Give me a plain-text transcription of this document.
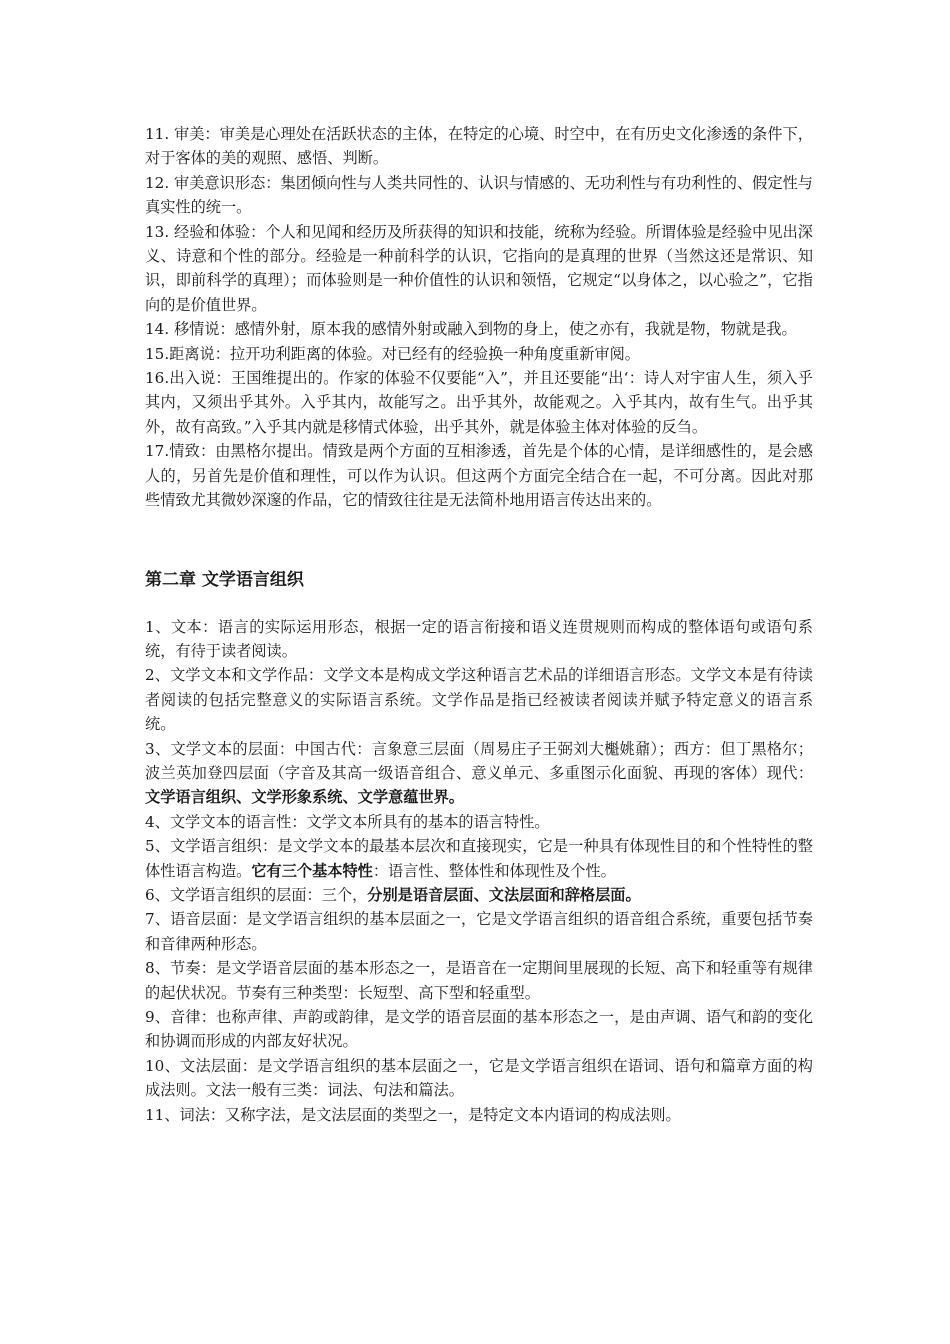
11. 审美：审美是心理处在活跃状态的主体，在特定的心境、时空中，在有历史文化渗透的条件下，对于客体的美的观照、感悟、判断。

12. 审美意识形态：集团倾向性与人类共同性的、认识与情感的、无功利性与有功利性的、假定性与真实性的统一。

13. 经验和体验：个人和见闻和经历及所获得的知识和技能，统称为经验。所谓体验是经验中见出深义、诗意和个性的部分。经验是一种前科学的认识，它指向的是真理的世界（当然这还是常识、知识，即前科学的真理）；而体验则是一种价值性的认识和领悟，它规定“以身体之，以心验之”，它指向的是价值世界。

14. 移情说：感情外射，原本我的感情外射或融入到物的身上，使之亦有，我就是物，物就是我。

15.距离说：拉开功利距离的体验。对已经有的经验换一种角度重新审阅。

16.出入说：王国维提出的。作家的体验不仅要能“入”，并且还要能“出‘：诗人对宇宙人生，须入乎其内，又须出乎其外。入乎其内，故能写之。出乎其外，故能观之。入乎其内，故有生气。出乎其外，故有高致。”入乎其内就是移情式体验，出乎其外，就是体验主体对体验的反刍。

17.情致：由黑格尔提出。情致是两个方面的互相渗透，首先是个体的心情，是详细感性的，是会感人的，另首先是价值和理性，可以作为认识。但这两个方面完全结合在一起，不可分离。因此对那些情致尤其微妙深邃的作品，它的情致往往是无法简朴地用语言传达出来的。

第二章 文学语言组织

1、文本：语言的实际运用形态，根据一定的语言衔接和语义连贯规则而构成的整体语句或语句系统，有待于读者阅读。

2、文学文本和文学作品：文学文本是构成文学这种语言艺术品的详细语言形态。文学文本是有待读者阅读的包括完整意义的实际语言系统。文学作品是指已经被读者阅读并赋予特定意义的语言系统。

3、文学文本的层面：中国古代：言象意三层面（周易庄子王弼刘大櫆姚鼐）；西方：但丁黑格尔；波兰英加登四层面（字音及其高一级语音组合、意义单元、多重图示化面貌、再现的客体）现代：文学语言组织、文学形象系统、文学意蕴世界。

4、文学文本的语言性：文学文本所具有的基本的语言特性。

5、文学语言组织：是文学文本的最基本层次和直接现实，它是一种具有体现性目的和个性特性的整体性语言构造。它有三个基本特性：语言性、整体性和体现性及个性。

6、文学语言组织的层面：三个，分别是语音层面、文法层面和辞格层面。

7、语音层面：是文学语言组织的基本层面之一，它是文学语言组织的语音组合系统，重要包括节奏和音律两种形态。

8、节奏：是文学语音层面的基本形态之一，是语音在一定期间里展现的长短、高下和轻重等有规律的起伏状况。节奏有三种类型：长短型、高下型和轻重型。

9、音律：也称声律、声韵或韵律，是文学的语音层面的基本形态之一，是由声调、语气和韵的变化和协调而形成的内部友好状况。

10、文法层面：是文学语言组织的基本层面之一，它是文学语言组织在语词、语句和篇章方面的构成法则。文法一般有三类：词法、句法和篇法。

11、词法：又称字法，是文法层面的类型之一，是特定文本内语词的构成法则。
